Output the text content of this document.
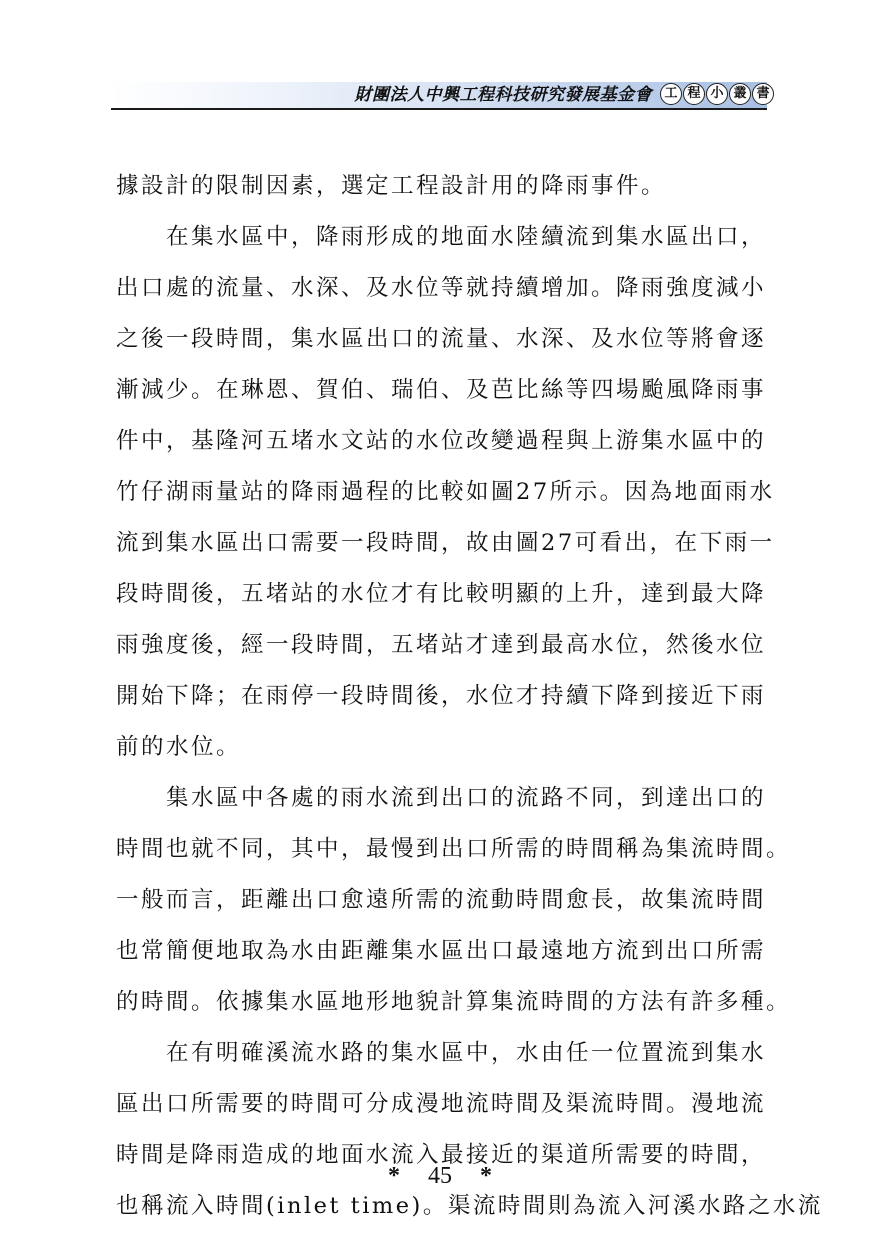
財團法人中興工程科技研究發展基金會 工 程 小 叢 書
據設計的限制因素，選定工程設計用的降雨事件。
在集水區中，降雨形成的地面水陸續流到集水區出口，
出口處的流量、水深、及水位等就持續增加。降雨強度減小
之後一段時間，集水區出口的流量、水深、及水位等將會逐
漸減少。在琳恩、賀伯、瑞伯、及芭比絲等四場颱風降雨事
件中，基隆河五堵水文站的水位改變過程與上游集水區中的
竹仔湖雨量站的降雨過程的比較如圖27所示。因為地面雨水
流到集水區出口需要一段時間，故由圖27可看出，在下雨一
段時間後，五堵站的水位才有比較明顯的上升，達到最大降
雨強度後，經一段時間，五堵站才達到最高水位，然後水位
開始下降；在雨停一段時間後，水位才持續下降到接近下雨
前的水位。
集水區中各處的雨水流到出口的流路不同，到達出口的
時間也就不同，其中，最慢到出口所需的時間稱為集流時間。
一般而言，距離出口愈遠所需的流動時間愈長，故集流時間
也常簡便地取為水由距離集水區出口最遠地方流到出口所需
的時間。依據集水區地形地貌計算集流時間的方法有許多種。
在有明確溪流水路的集水區中，水由任一位置流到集水
區出口所需要的時間可分成漫地流時間及渠流時間。漫地流
時間是降雨造成的地面水流入最接近的渠道所需要的時間，
也稱流入時間(inlet time)。渠流時間則為流入河溪水路之水流
* 45 *
